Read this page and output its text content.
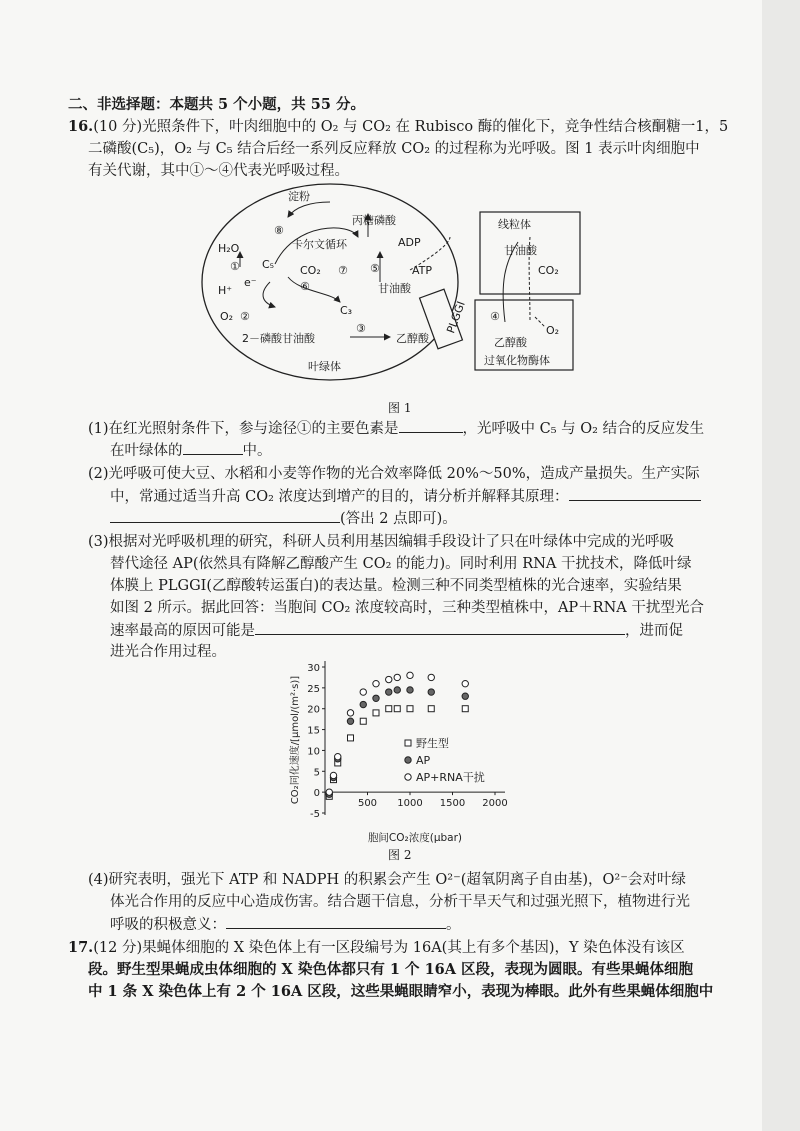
二、非选择题：本题共 5 个小题，共 55 分。
16.(10 分)光照条件下，叶肉细胞中的 O₂ 与 CO₂ 在 Rubisco 酶的催化下，竞争性结合核酮糖一1，5
二磷酸(C₅)，O₂ 与 C₅ 结合后经一系列反应释放 CO₂ 的过程称为光呼吸。图 1 表示叶肉细胞中
有关代谢，其中①～④代表光呼吸过程。
PLGGI
淀粉
丙糖磷酸
⑧
卡尔文循环
H₂O
C₅ CO₂ ⑦
①
e⁻
H⁺	⑥
②
O₂	C₃
2－磷酸甘油酸
③
乙醇酸
叶绿体
ADP
⑤	ATP
甘油酸
线粒体
甘油酸
CO₂
④
O₂
乙醇酸
过氧化物酶体
图 1
(1)在红光照射条件下，参与途径①的主要色素是	，光呼吸中 C₅ 与 O₂ 结合的反应发生
在叶绿体的	中。
(2)光呼吸可使大豆、水稻和小麦等作物的光合效率降低 20%～50%，造成产量损失。生产实际
中，常通过适当升高 CO₂ 浓度达到增产的目的，请分析并解释其原理：
(答出 2 点即可)。
(3)根据对光呼吸机理的研究，科研人员利用基因编辑手段设计了只在叶绿体中完成的光呼吸
替代途径 AP(依然具有降解乙醇酸产生 CO₂ 的能力)。同时利用 RNA 干扰技术，降低叶绿
体膜上 PLGGI(乙醇酸转运蛋白)的表达量。检测三种不同类型植株的光合速率，实验结果
如图 2 所示。据此回答：当胞间 CO₂ 浓度较高时，三种类型植株中，AP＋RNA 干扰型光合
速率最高的原因可能是	，进而促
进光合作用过程。
-5
0
5
10
15
20
25
30
500 1000 1500 2000
胞间CO₂浓度(μbar)
CO₂同化速度/[μmol/(m²·s)]	野生型
AP
AP+RNA干扰
图 2
(4)研究表明，强光下 ATP 和 NADPH 的积累会产生 O²⁻(超氧阴离子自由基)，O²⁻会对叶绿
体光合作用的反应中心造成伤害。结合题干信息，分析干旱天气和过强光照下，植物进行光
呼吸的积极意义：	。
17.(12 分)果蝇体细胞的 X 染色体上有一区段编号为 16A(其上有多个基因)，Y 染色体没有该区
段。野生型果蝇成虫体细胞的 X 染色体都只有 1 个 16A 区段，表现为圆眼。有些果蝇体细胞
中 1 条 X 染色体上有 2 个 16A 区段，这些果蝇眼睛窄小，表现为棒眼。此外有些果蝇体细胞中
